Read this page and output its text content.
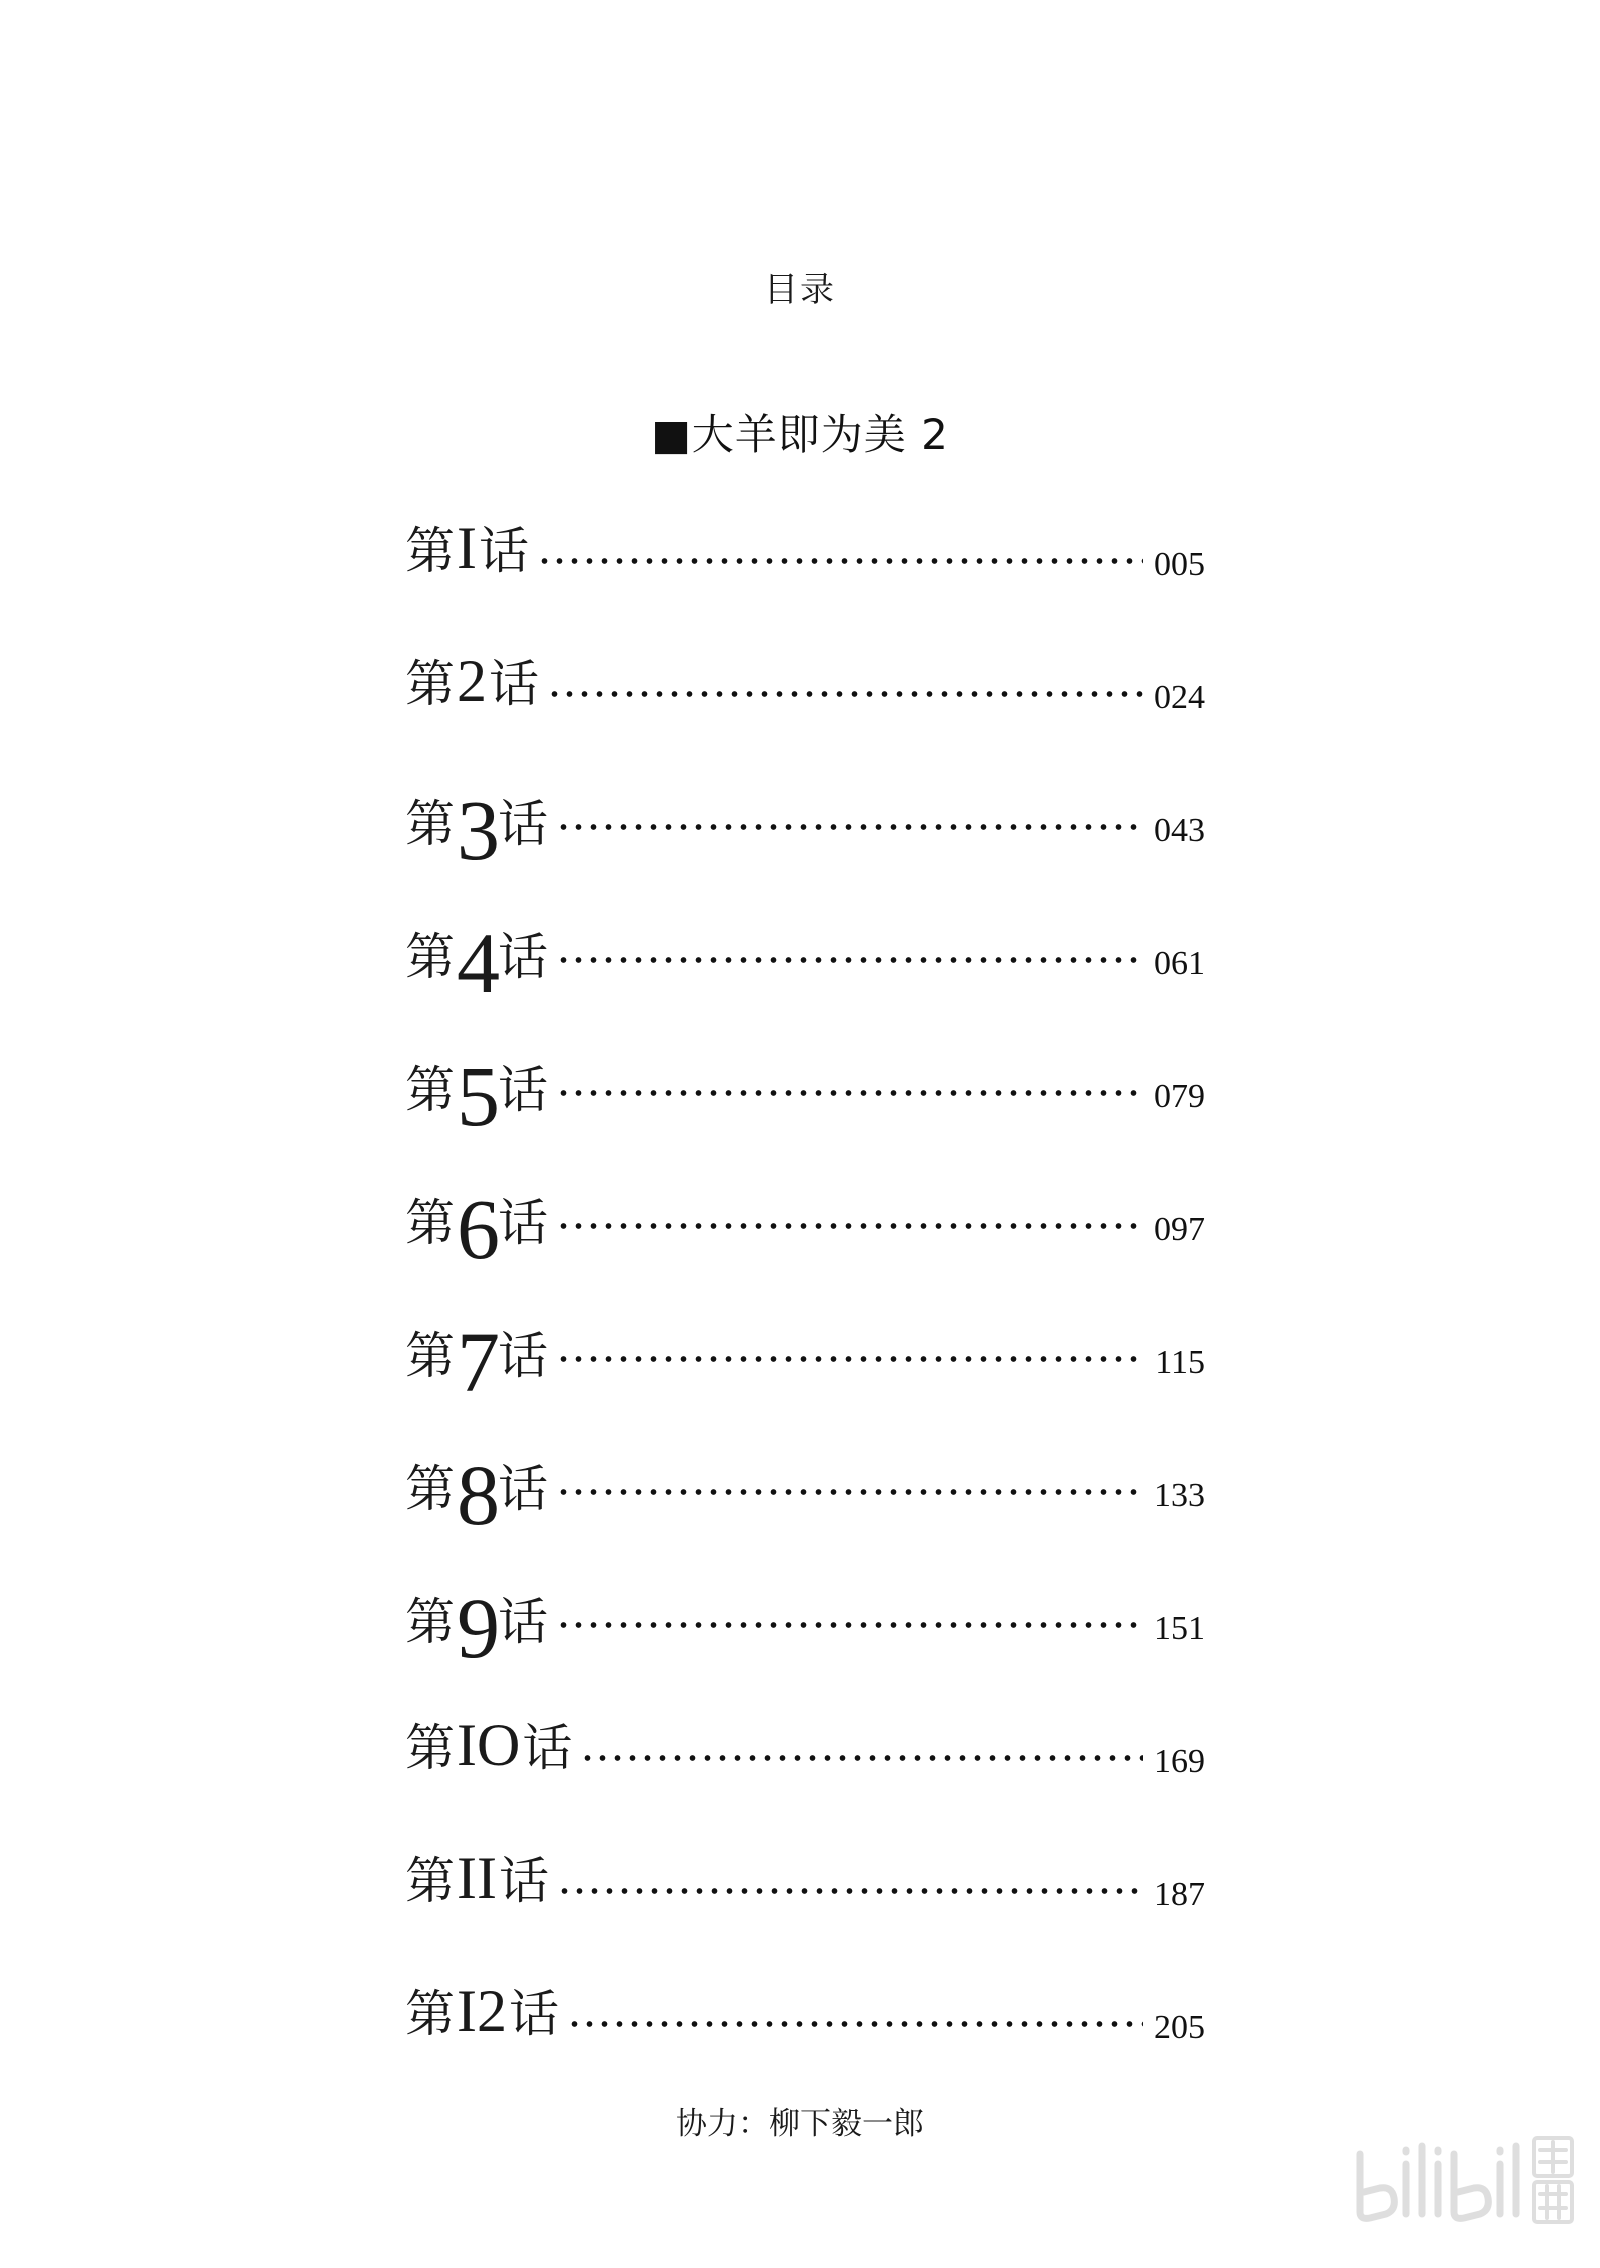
目录
■大羊即为美 2
第 I 话	005
第 2 话	024
第 3 话	043
第 4 话	061
第 5 话	079
第 6 话	097
第 7 话	115
第 8 话	133
第 9 话	151
第 IO 话	169
第 II 话	187
第 I2 话	205
协力：柳下毅一郎
